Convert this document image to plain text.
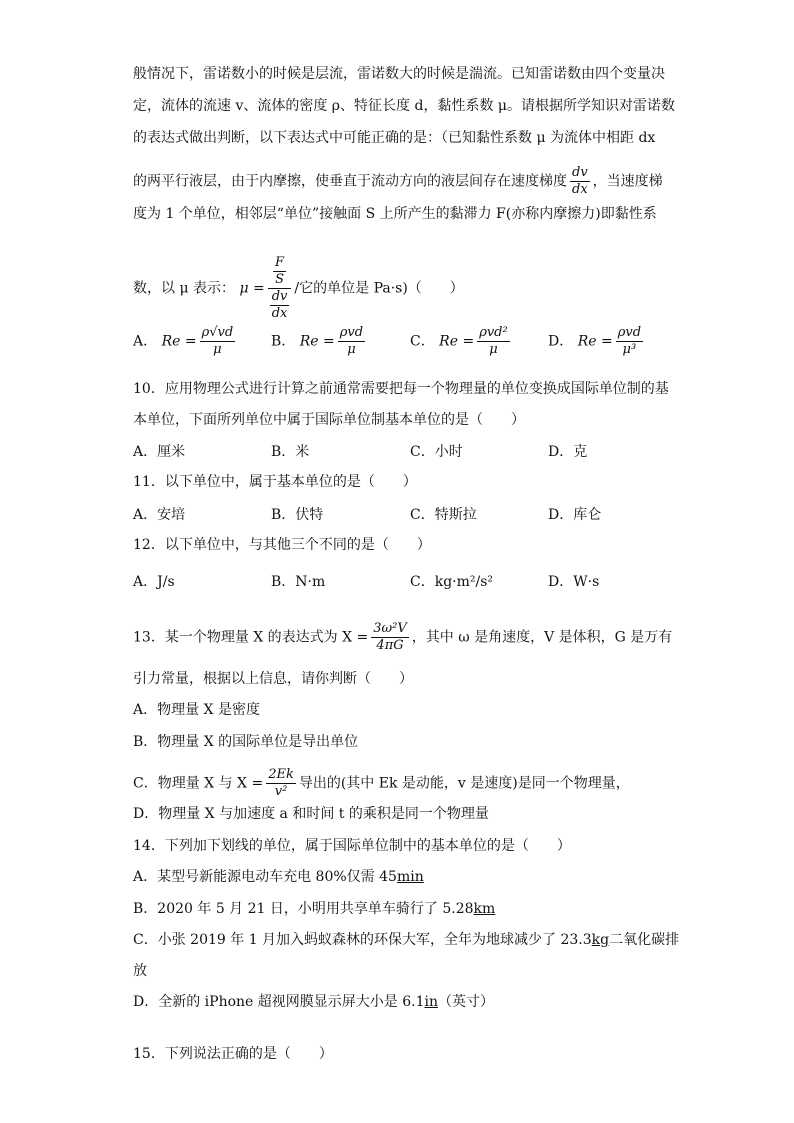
般情况下，雷诺数小的时候是层流，雷诺数大的时候是湍流。已知雷诺数由四个变量决
定，流体的流速 v、流体的密度 ρ、特征长度 d，黏性系数 μ。请根据所学知识对雷诺数
的表达式做出判断，以下表达式中可能正确的是：（已知黏性系数 μ 为流体中相距 dx
的两平行液层，由于内摩擦，使垂直于流动方向的液层间存在速度梯度 $\frac{dv}{dx}$ ，当速度梯
度为 1 个单位，相邻层“单位”接触面 S 上所产生的黏滞力 F(亦称内摩擦力)即黏性系
数，以 μ 表示： $\mu = \frac{\frac{F}{S}}{\frac{dv}{dx}}$ /它的单位是 Pa·s)（　　）
A． $Re = \frac{\rho√vd}{\mu}$	B． $Re = \frac{\text{ρvd}}{\mu}$	C． $Re = \frac{\text{ρvd²}}{\mu}$	D． $Re = \frac{\text{ρvd}}{\text{μ³}}$
10．应用物理公式进行计算之前通常需要把每一个物理量的单位变换成国际单位制的基
本单位，下面所列单位中属于国际单位制基本单位的是（　　）
A．厘米	B．米	C．小时	D．克
11．以下单位中，属于基本单位的是（　　）
A．安培	B．伏特	C．特斯拉	D．库仑
12．以下单位中，与其他三个不同的是（　　）
A．J/s	B．N·m	C．kg·m²/s²	D．W·s
13．某一个物理量 X 的表达式为 $X = \frac{\text{3ω²V}}{4\pi G}$ ，其中 ω 是角速度，V 是体积，G 是万有
引力常量，根据以上信息，请你判断（　　）
A．物理量 X 是密度
B．物理量 X 的国际单位是导出单位
C．物理量 X 与 $X = \frac{2Ek}{\text{v²}}$ 导出的(其中 Ek 是动能，v 是速度)是同一个物理量，
D．物理量 X 与加速度 a 和时间 t 的乘积是同一个物理量
14．下列加下划线的单位，属于国际单位制中的基本单位的是（　　）
A．某型号新能源电动车充电 80%仅需 45min
B．2020 年 5 月 21 日，小明用共享单车骑行了 5.28km
C．小张 2019 年 1 月加入蚂蚁森林的环保大军，全年为地球减少了 23.3kg二氧化碳排
放
D．全新的 iPhone 超视网膜显示屏大小是 6.1in（英寸）
15．下列说法正确的是（　　）
